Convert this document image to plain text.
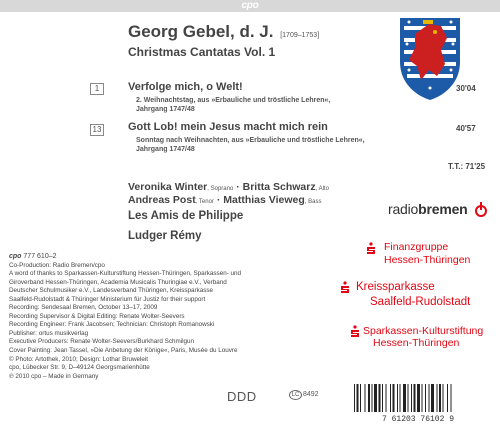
cpo
Georg Gebel, d. J. [1709–1753]
Christmas Cantatas Vol. 1
1	Verfolge mich, o Welt!	30'04
2. Weihnachtstag, aus »Erbauliche und tröstliche Lehren«,
Jahrgang 1747/48
13 Gott Lob! mein Jesus macht mich rein	40'57
Sonntag nach Weihnachten, aus »Erbauliche und tröstliche Lehren«,
Jahrgang 1747/48
T.T.: 71'25
Veronika Winter, Soprano · Britta Schwarz, Alto
Andreas Post, Tenor · Matthias Vieweg, Bass
Les Amis de Philippe
Ludger Rémy
cpo 777 610–2
Co-Production: Radio Bremen/cpo
A word of thanks to Sparkassen-Kulturstiftung Hessen-Thüringen, Sparkassen- und
Giroverband Hessen-Thüringen, Academia Musicalis Thuringiae e.V., Verband
Deutscher Schulmusiker e.V., Landesverband Thüringen, Kreissparkasse
Saalfeld-Rudolstadt & Thüringer Ministerium für Justiz for their support
Recording: Sendesaal Bremen, October 13–17, 2009
Recording Supervisor & Digital Editing: Renate Wolter-Seevers
Recording Engineer: Frank Jacobsen; Technician: Christoph Romanowski
Publisher: ortus musikverlag
Executive Producers: Renate Wolter-Seevers/Burkhard Schmilgun
Cover Painting: Jean Tassel, »Die Anbetung der Könige«, Paris, Musée du Louvre
© Photo: Artothek, 2010; Design: Lothar Bruweleit
cpo, Lübecker Str. 9, D–49124 Georgsmarienhütte
℗ 2010 cpo – Made in Germany
radiobremen
Finanzgruppe
Hessen-Thüringen
Kreissparkasse
Saalfeld-Rudolstadt
Sparkassen-Kulturstiftung
Hessen-Thüringen
DDD	LC 8492
7 61203 76102 9
